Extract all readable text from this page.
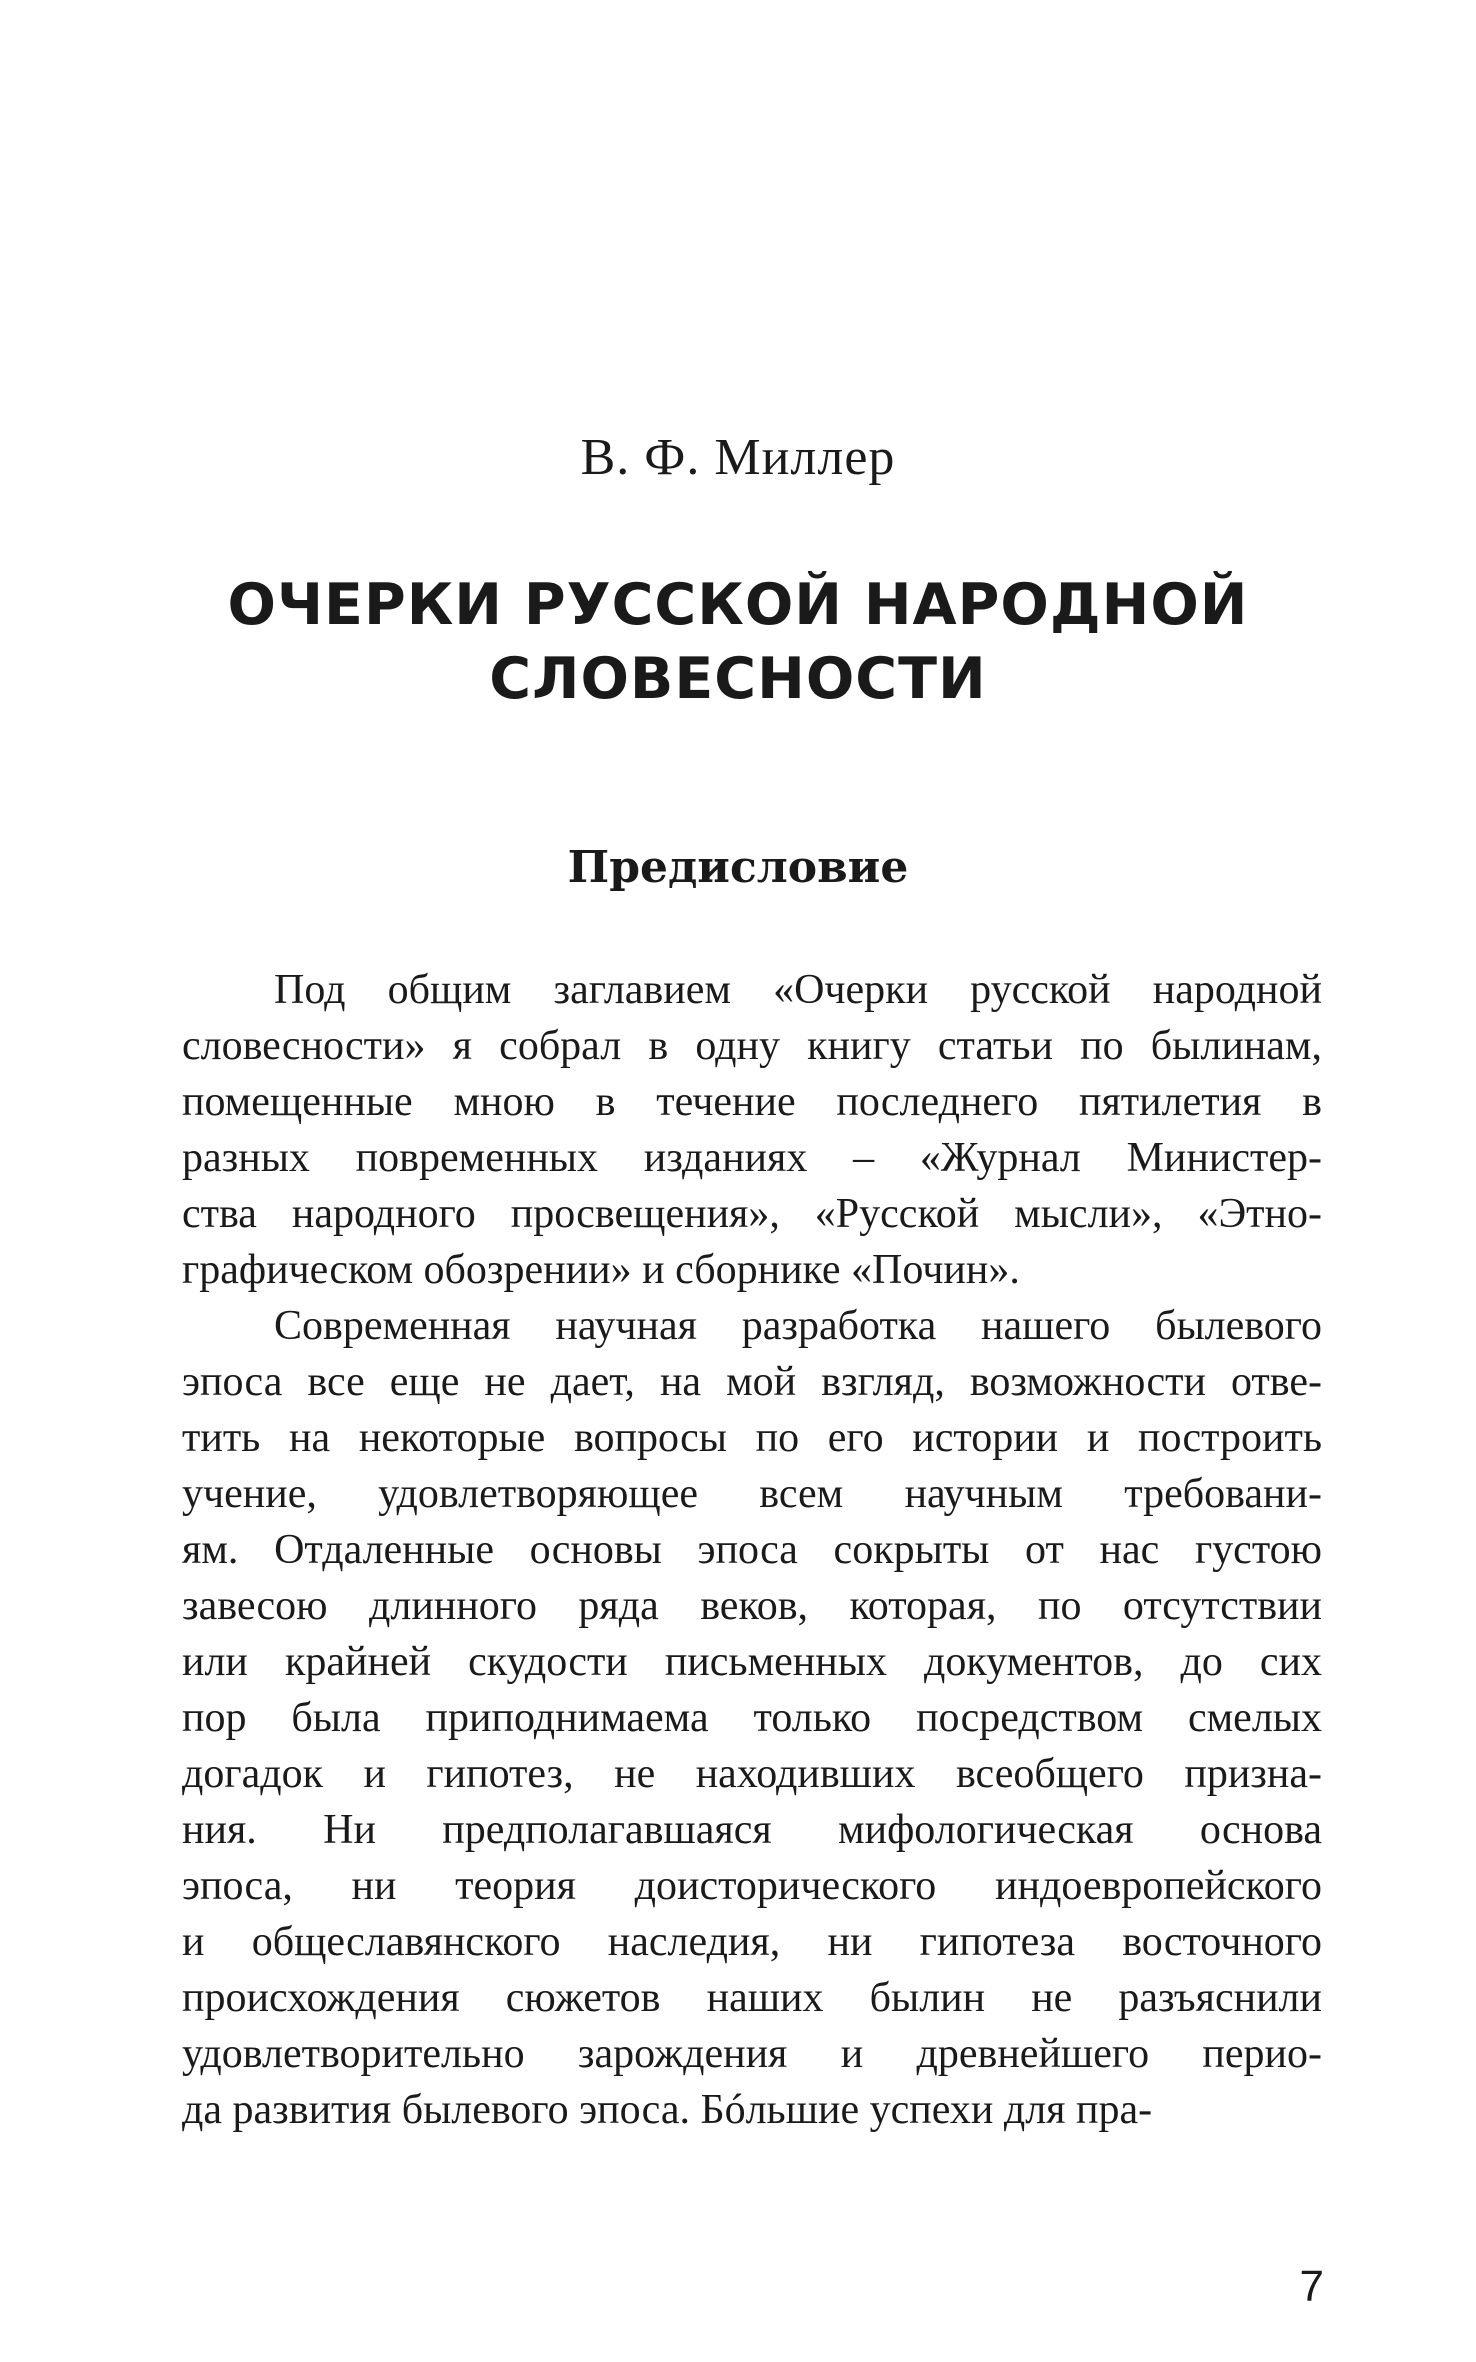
В. Ф. Миллер
ОЧЕРКИ РУССКОЙ НАРОДНОЙ
СЛОВЕСНОСТИ
Предисловие
Под общим заглавием «Очерки русской народной
словесности» я собрал в одну книгу статьи по былинам,
помещенные мною в течение последнего пятилетия в
разных повременных изданиях – «Журнал Министер-
ства народного просвещения», «Русской мысли», «Этно-
графическом обозрении» и сборнике «Почин».
Современная научная разработка нашего былевого
эпоса все еще не дает, на мой взгляд, возможности отве-
тить на некоторые вопросы по его истории и построить
учение, удовлетворяющее всем научным требовани-
ям. Отдаленные основы эпоса сокрыты от нас густою
завесою длинного ряда веков, которая, по отсутствии
или крайней скудости письменных документов, до сих
пор была приподнимаема только посредством смелых
догадок и гипотез, не находивших всеобщего призна-
ния. Ни предполагавшаяся мифологическая основа
эпоса, ни теория доисторического индоевропейского
и общеславянского наследия, ни гипотеза восточного
происхождения сюжетов наших былин не разъяснили
удовлетворительно зарождения и древнейшего перио-
да развития былевого эпоса. Бóльшие успехи для пра-
7
